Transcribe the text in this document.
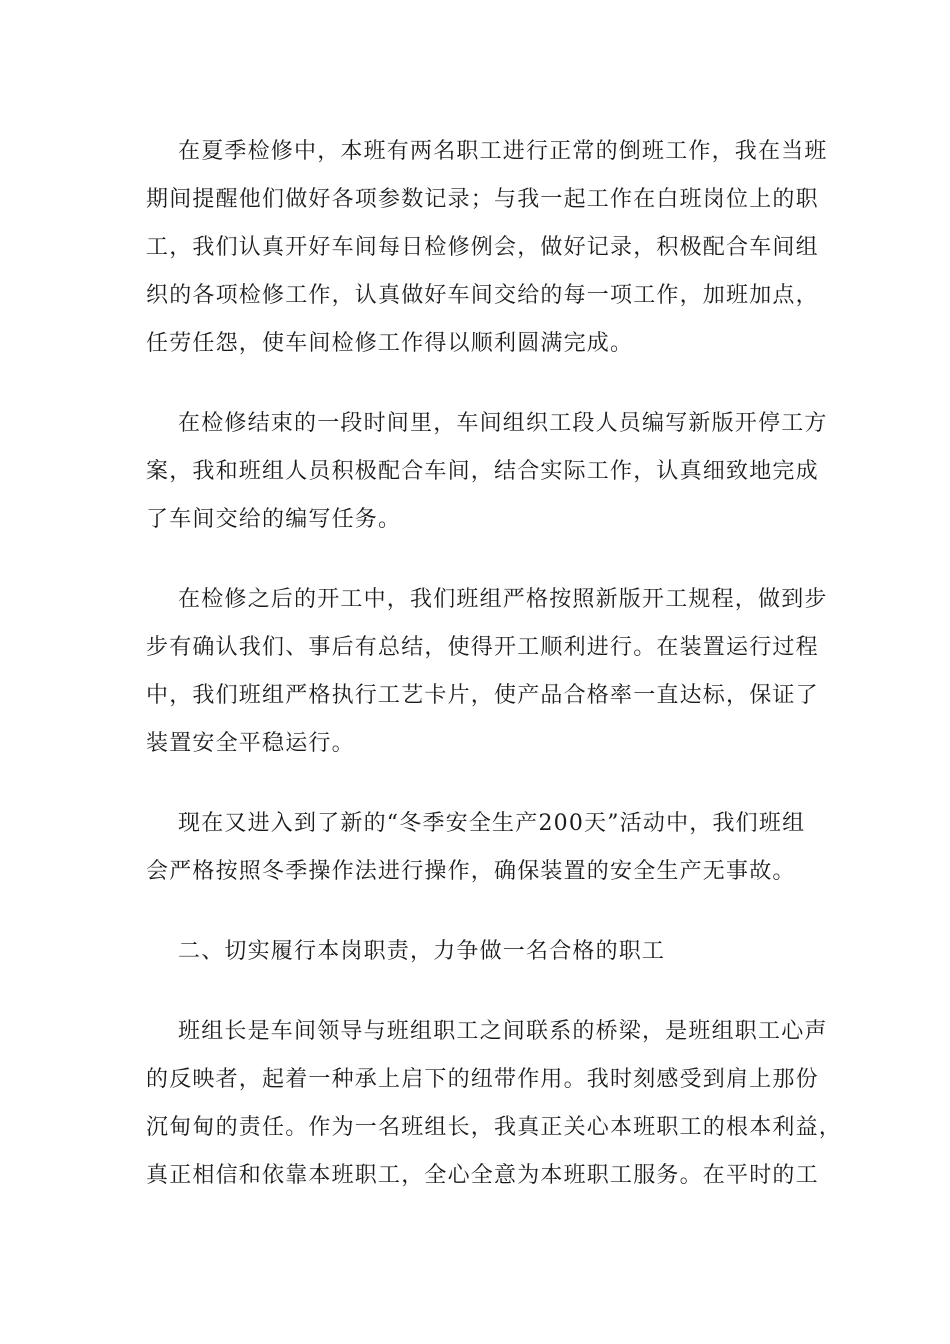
在夏季检修中，本班有两名职工进行正常的倒班工作，我在当班
期间提醒他们做好各项参数记录；与我一起工作在白班岗位上的职
工，我们认真开好车间每日检修例会，做好记录，积极配合车间组
织的各项检修工作，认真做好车间交给的每一项工作，加班加点，
任劳任怨，使车间检修工作得以顺利圆满完成。

在检修结束的一段时间里，车间组织工段人员编写新版开停工方
案，我和班组人员积极配合车间，结合实际工作，认真细致地完成
了车间交给的编写任务。

在检修之后的开工中，我们班组严格按照新版开工规程，做到步
步有确认我们、事后有总结，使得开工顺利进行。在装置运行过程
中，我们班组严格执行工艺卡片，使产品合格率一直达标，保证了
装置安全平稳运行。

现在又进入到了新的“冬季安全生产200天”活动中，我们班组
会严格按照冬季操作法进行操作，确保装置的安全生产无事故。

二、切实履行本岗职责，力争做一名合格的职工

班组长是车间领导与班组职工之间联系的桥梁，是班组职工心声
的反映者，起着一种承上启下的纽带作用。我时刻感受到肩上那份
沉甸甸的责任。作为一名班组长，我真正关心本班职工的根本利益，
真正相信和依靠本班职工，全心全意为本班职工服务。在平时的工
